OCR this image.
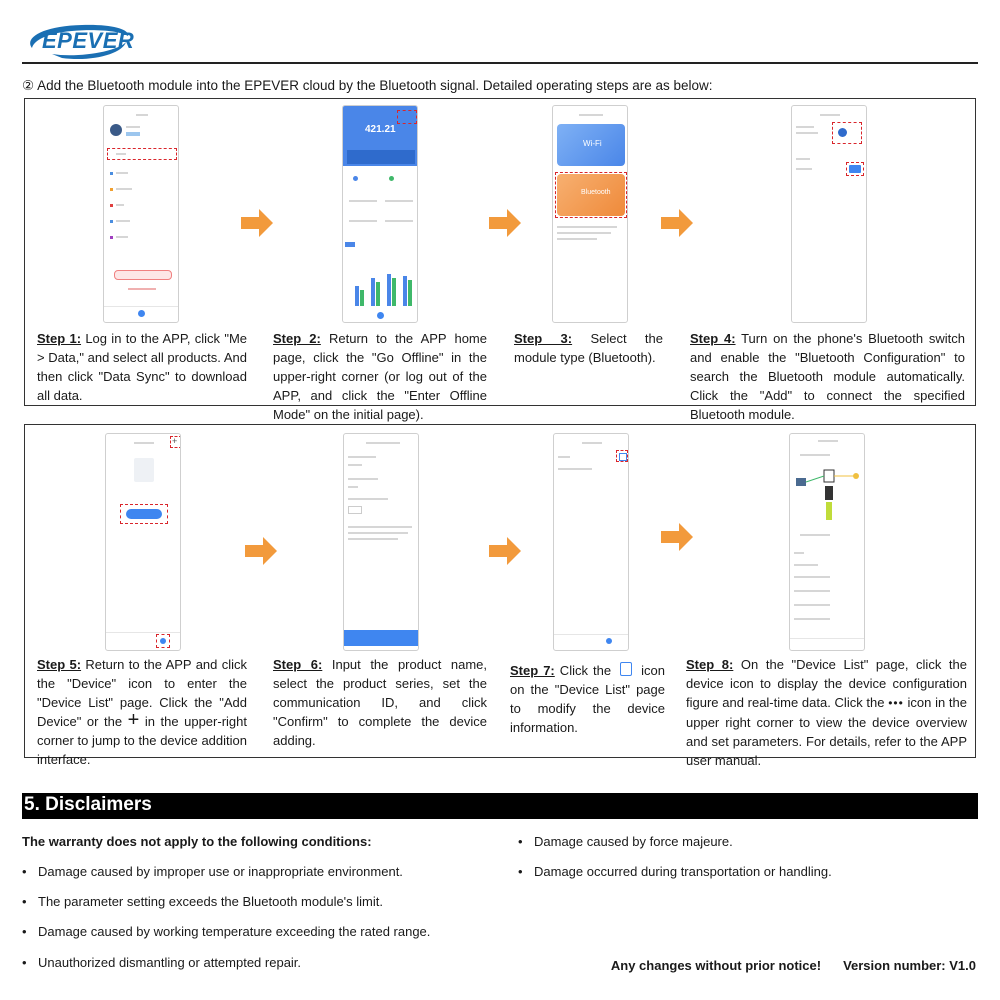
EPEVER
② Add the Bluetooth module into the EPEVER cloud by the Bluetooth signal. Detailed operating steps are as below:
421.21
Wi-Fi
Bluetooth
Step 1: Log in to the APP, click "Me > Data," and select all products. And then click "Data Sync" to download all data.
Step 2: Return to the APP home page, click the "Go Offline" in the upper-right corner (or log out of the APP, and click the "Enter Offline Mode" on the initial page).
Step 3: Select the module type (Bluetooth).
Step 4: Turn on the phone's Bluetooth switch and enable the "Bluetooth Configuration" to search the Bluetooth module automatically. Click the "Add" to connect the specified Bluetooth module.
+
Step 5: Return to the APP and click the "Device" icon to enter the "Device List" page. Click the "Add Device" or the + in the upper-right corner to jump to the device addition interface.
Step 6: Input the product name, select the product series, set the communication ID, and click "Confirm" to complete the device adding.
Step 7: Click the  icon on the "Device List" page to modify the device information.
Step 8: On the "Device List" page, click the device icon to display the device configuration figure and real-time data. Click the ••• icon in the upper right corner to view the device overview and set parameters. For details, refer to the APP user manual.
5. Disclaimers
The warranty does not apply to the following conditions:
• Damage caused by improper use or inappropriate environment.
• The parameter setting exceeds the Bluetooth module's limit.
• Damage caused by working temperature exceeding the rated range.
• Unauthorized dismantling or attempted repair.
• Damage caused by force majeure.
• Damage occurred during transportation or handling.
Any changes without prior notice! Version number: V1.0
